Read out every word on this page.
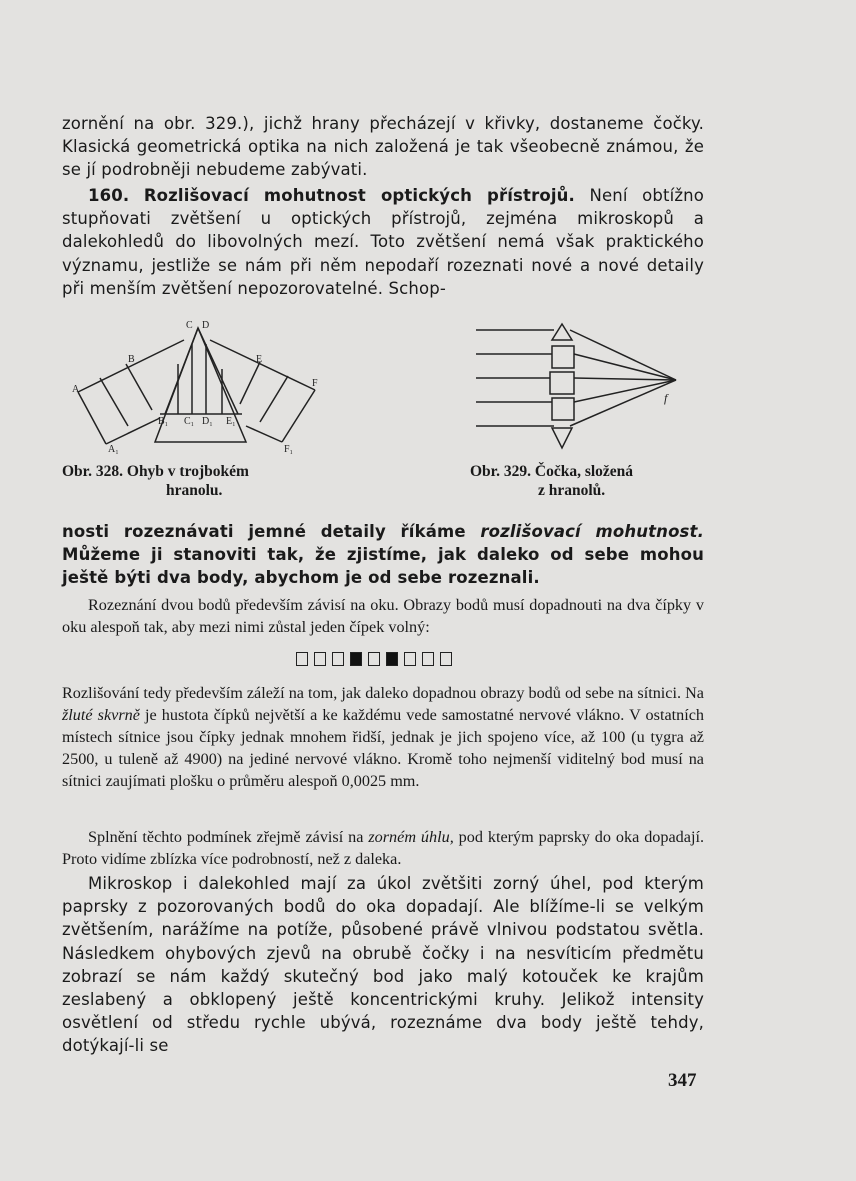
zornění na obr. 329.), jichž hrany přecházejí v křivky, dostaneme čočky. Klasická geometrická optika na nich založená je tak všeobecně známou, že se jí podrobněji nebudeme zabývati.
160. Rozlišovací mohutnost optických přístrojů. Není obtížno stupňovati zvětšení u optických přístrojů, zejména mikroskopů a dalekohledů do libovolných mezí. Toto zvětšení nemá však praktického významu, jestliže se nám při něm nepodaří rozeznati nové a nové detaily při menším zvětšení nepozorovatelné. Schop-
C D
B	E
A
F
A₁
B₁ C₁ D₁ E₁
F₁
f
Obr. 328. Ohyb v trojbokém
hranolu.
Obr. 329. Čočka, složená
z hranolů.
nosti rozeznávati jemné detaily říkáme rozlišovací mohutnost. Můžeme ji stanoviti tak, že zjistíme, jak daleko od sebe mohou ještě býti dva body, abychom je od sebe rozeznali.
Rozeznání dvou bodů především závisí na oku. Obrazy bodů musí dopadnouti na dva čípky v oku alespoň tak, aby mezi nimi zůstal jeden čípek volný:
Rozlišování tedy především záleží na tom, jak daleko dopadnou obrazy bodů od sebe na sítnici. Na žluté skvrně je hustota čípků největší a ke každému vede samostatné nervové vlákno. V ostatních místech sítnice jsou čípky jednak mnohem řidší, jednak je jich spojeno více, až 100 (u tygra až 2500, u tuleně až 4900) na jediné nervové vlákno. Kromě toho nejmenší viditelný bod musí na sítnici zaujímati plošku o průměru alespoň 0,0025 mm.
Splnění těchto podmínek zřejmě závisí na zorném úhlu, pod kterým paprsky do oka dopadají. Proto vidíme zblízka více podrobností, než z daleka.
Mikroskop i dalekohled mají za úkol zvětšiti zorný úhel, pod kterým paprsky z pozorovaných bodů do oka dopadají. Ale blížíme-li se velkým zvětšením, narážíme na potíže, působené právě vlnivou podstatou světla. Následkem ohybových zjevů na obrubě čočky i na nesvíticím předmětu zobrazí se nám každý skutečný bod jako malý kotouček ke krajům zeslabený a obklopený ještě koncentrickými kruhy. Jelikož intensity osvětlení od středu rychle ubývá, rozeznáme dva body ještě tehdy, dotýkají-li se
347
